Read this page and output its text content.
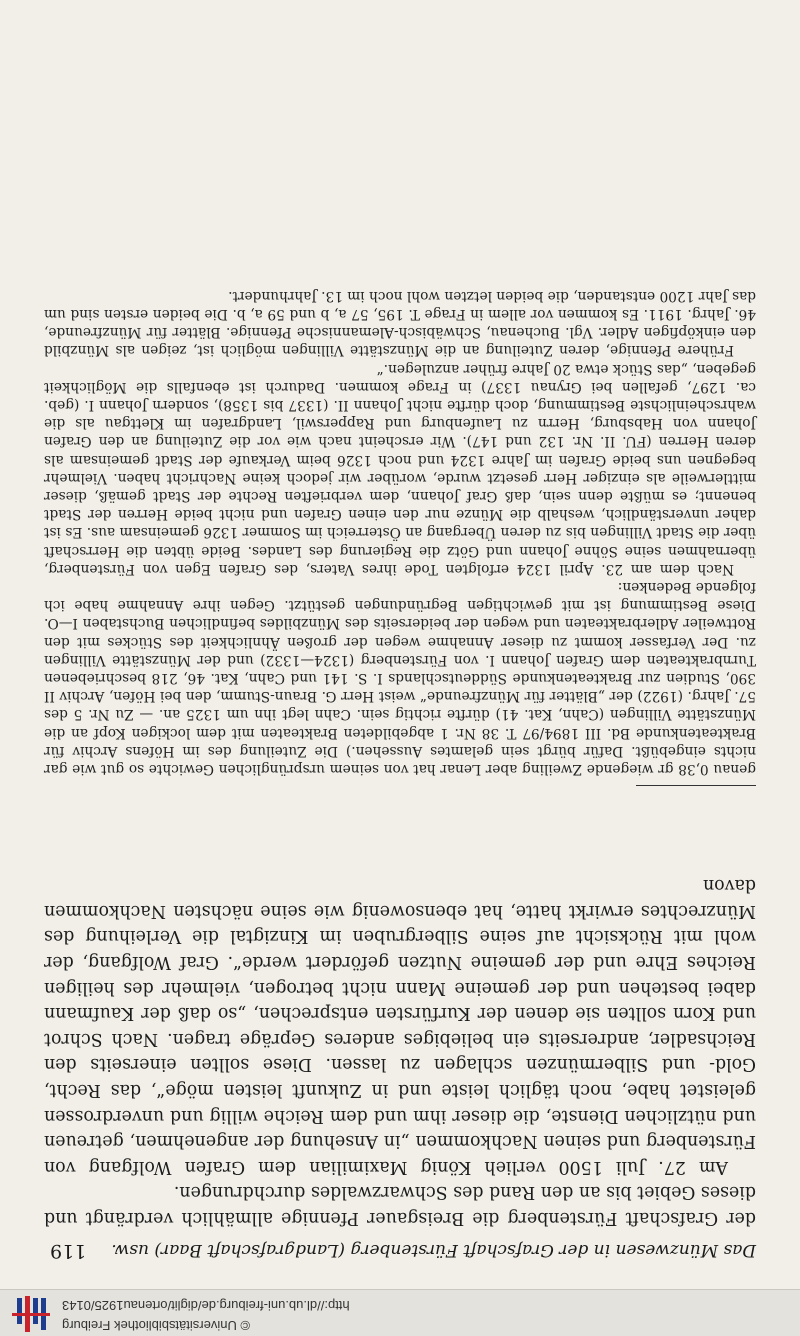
© Universitätsbibliothek Freiburg
http://dl.ub.uni-freiburg.de/diglit/ortenau1925/0143
Das Münzwesen in der Grafschaft Fürstenberg (Landgrafschaft Baar) usw.
119

der Grafschaft Fürstenberg die Breisgauer Pfennige allmählich verdrängt und dieses Gebiet bis an den Rand des Schwarzwaldes durchdrungen.

Am 27. Juli 1500 verlieh König Maximilian dem Grafen Wolfgang von Fürstenberg und seinen Nachkommen „in Ansehung der angenehmen, getreuen und nützlichen Dienste, die dieser ihm und dem Reiche willig und unverdrossen geleistet habe, noch täglich leiste und in Zukunft leisten möge“, das Recht, Gold- und Silbermünzen schlagen zu lassen. Diese sollten einerseits den Reichsadler, andrerseits ein beliebiges anderes Gepräge tragen. Nach Schrot und Korn sollten sie denen der Kurfürsten entsprechen, „so daß der Kaufmann dabei bestehen und der gemeine Mann nicht betrogen, vielmehr des heiligen Reiches Ehre und der gemeine Nutzen gefördert werde“. Graf Wolfgang, der wohl mit Rücksicht auf seine Silbergruben im Kinzigtal die Verleihung des Münzrechtes erwirkt hatte, hat ebensowenig wie seine nächsten Nachkommen davon

genau 0,38 gr wiegende Zweiling aber Lenar hat von seinem ursprünglichen Gewichte so gut wie gar nichts eingebüßt. Dafür bürgt sein gelamtes Aussehen.) Die Zuteilung des im Höfens Archiv für Brakteatenkunde Bd. III 1894/97 T. 38 Nr. 1 abgebildeten Brakteaten mit dem lockigen Kopf an die Münzstätte Villingen (Cahn, Kat. 41) dürfte richtig sein. Cahn legt ihn um 1325 an. — Zu Nr. 5 des 57. Jahrg. (1922) der „Blätter für Münzfreunde“ weist Herr G. Braun-Stumm, den bei Höfen, Archiv II 390, Studien zur Brakteatenkunde Süddeutschlands I. S. 141 und Cahn, Kat. 46, 218 beschriebenen Turnbrakteaten dem Grafen Johann I. von Fürstenberg (1324—1332) und der Münzstätte Villingen zu. Der Verfasser kommt zu dieser Annahme wegen der großen Ähnlichkeit des Stückes mit den Rottweiler Adlerbrakteaten und wegen der beiderseits des Münzbildes befindlichen Buchstaben I—O. Diese Bestimmung ist mit gewichtigen Begründungen gestützt. Gegen ihre Annahme habe ich folgende Bedenken:

Nach dem am 23. April 1324 erfolgten Tode ihres Vaters, des Grafen Egen von Fürstenberg, übernahmen seine Söhne Johann und Götz die Regierung des Landes. Beide übten die Herrschaft über die Stadt Villingen bis zu deren Übergang an Österreich im Sommer 1326 gemeinsam aus. Es ist daher unverständlich, weshalb die Münze nur den einen Grafen und nicht beide Herren der Stadt benennt; es müßte denn sein, daß Graf Johann, dem verbrieften Rechte der Stadt gemäß, dieser mittlerweile als einziger Herr gesetzt wurde, worüber wir jedoch keine Nachricht haben. Vielmehr begegnen uns beide Grafen im Jahre 1324 und noch 1326 beim Verkaufe der Stadt gemeinsam als deren Herren (FU. II. Nr. 132 und 147). Wir erscheint nach wie vor die Zuteilung an den Grafen Johann von Habsburg, Herrn zu Laufenburg und Rapperswil, Landgrafen im Klettgau als die wahrscheinlichste Bestimmung, doch dürfte nicht Johann II. (1337 bis 1358), sondern Johann I. (geb. ca. 1297, gefallen bei Grynau 1337) in Frage kommen. Dadurch ist ebenfalls die Möglichkeit gegeben, „das Stück etwa 20 Jahre früher anzulegen.“

Frühere Pfennige, deren Zuteilung an die Münzstätte Villingen möglich ist, zeigen als Münzbild den einköpfigen Adler. Vgl. Buchenau, Schwäbisch-Alemannische Pfennige. Blätter für Münzfreunde, 46. Jahrg. 1911. Es kommen vor allem in Frage T. 195, 57 a, b und 59 a, b. Die beiden ersten sind um das Jahr 1200 entstanden, die beiden letzten wohl noch im 13. Jahrhundert.
